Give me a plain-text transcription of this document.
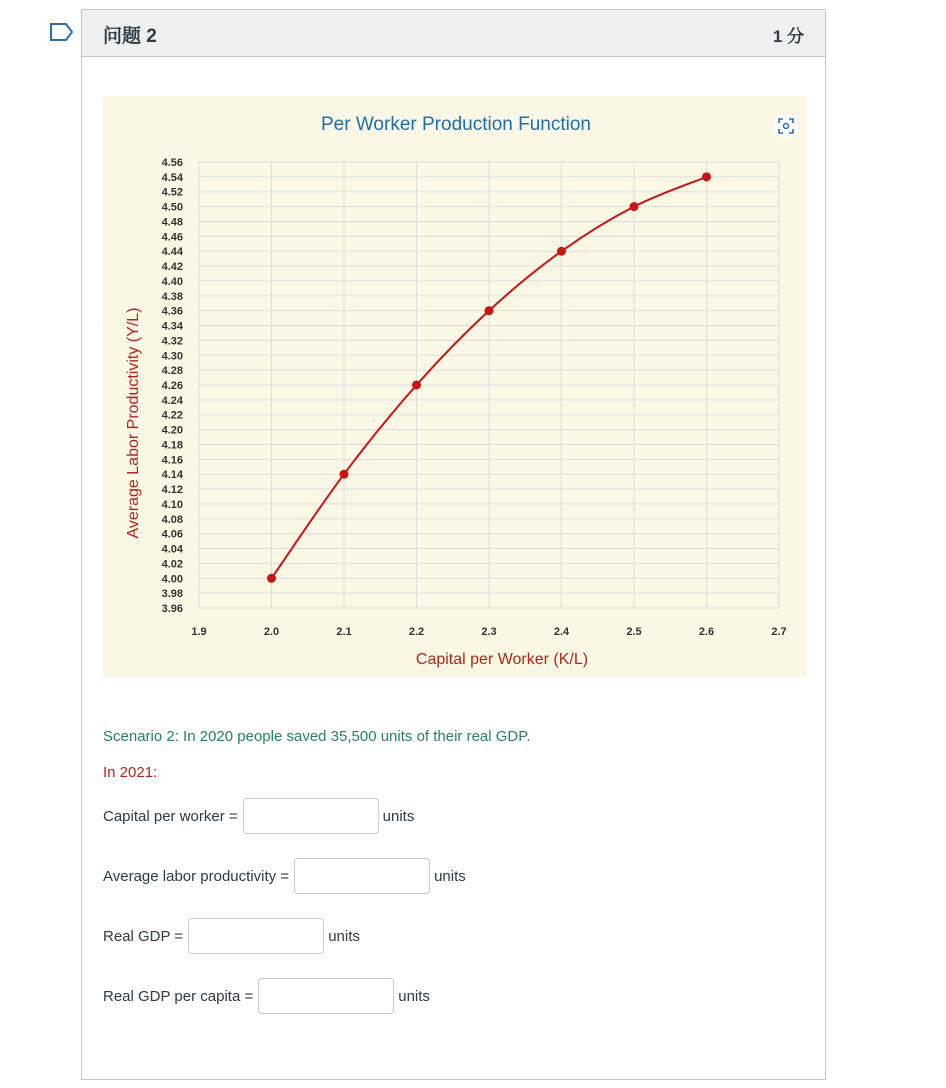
问题 2	1 分
Per Worker Production Function
Capital per Worker (K/L)
Average Labor Productivity (Y/L)
3.96
3.98
4.00
4.02
4.04
4.06
4.08
4.10
4.12
4.14
4.16
4.18
4.20
4.22
4.24
4.26
4.28
4.30
4.32
4.34
4.36
4.38
4.40
4.42
4.44
4.46
4.48
4.50
4.52
4.54
4.56
1.9	2.0	2.1	2.2	2.3	2.4	2.5	2.6	2.7
Scenario 2: In 2020 people saved 35,500 units of their real GDP.
In 2021:
Capital per worker =	units
Average labor productivity =	units
Real GDP =	units
Real GDP per capita =	units
